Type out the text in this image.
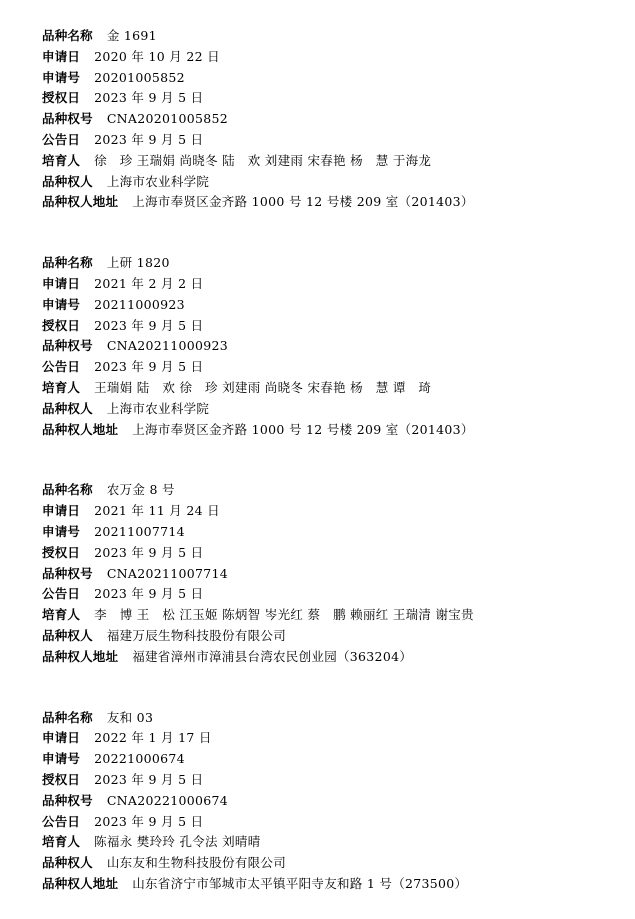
品种名称 金 1691
申请日 2020 年 10 月 22 日
申请号 20201005852
授权日 2023 年 9 月 5 日
品种权号 CNA20201005852
公告日 2023 年 9 月 5 日
培育人 徐　珍 王瑞娟 尚晓冬 陆　欢 刘建雨 宋春艳 杨　慧 于海龙
品种权人 上海市农业科学院
品种权人地址 上海市奉贤区金齐路 1000 号 12 号楼 209 室（201403）
品种名称 上研 1820
申请日 2021 年 2 月 2 日
申请号 20211000923
授权日 2023 年 9 月 5 日
品种权号 CNA20211000923
公告日 2023 年 9 月 5 日
培育人 王瑞娟 陆　欢 徐　珍 刘建雨 尚晓冬 宋春艳 杨　慧 谭　琦
品种权人 上海市农业科学院
品种权人地址 上海市奉贤区金齐路 1000 号 12 号楼 209 室（201403）
品种名称 农万金 8 号
申请日 2021 年 11 月 24 日
申请号 20211007714
授权日 2023 年 9 月 5 日
品种权号 CNA20211007714
公告日 2023 年 9 月 5 日
培育人 李　博 王　松 江玉姬 陈炳智 岑光红 蔡　鹏 赖丽红 王瑞清 谢宝贵
品种权人 福建万辰生物科技股份有限公司
品种权人地址 福建省漳州市漳浦县台湾农民创业园（363204）
品种名称 友和 03
申请日 2022 年 1 月 17 日
申请号 20221000674
授权日 2023 年 9 月 5 日
品种权号 CNA20221000674
公告日 2023 年 9 月 5 日
培育人 陈福永 樊玲玲 孔令法 刘晴晴
品种权人 山东友和生物科技股份有限公司
品种权人地址 山东省济宁市邹城市太平镇平阳寺友和路 1 号（273500）
